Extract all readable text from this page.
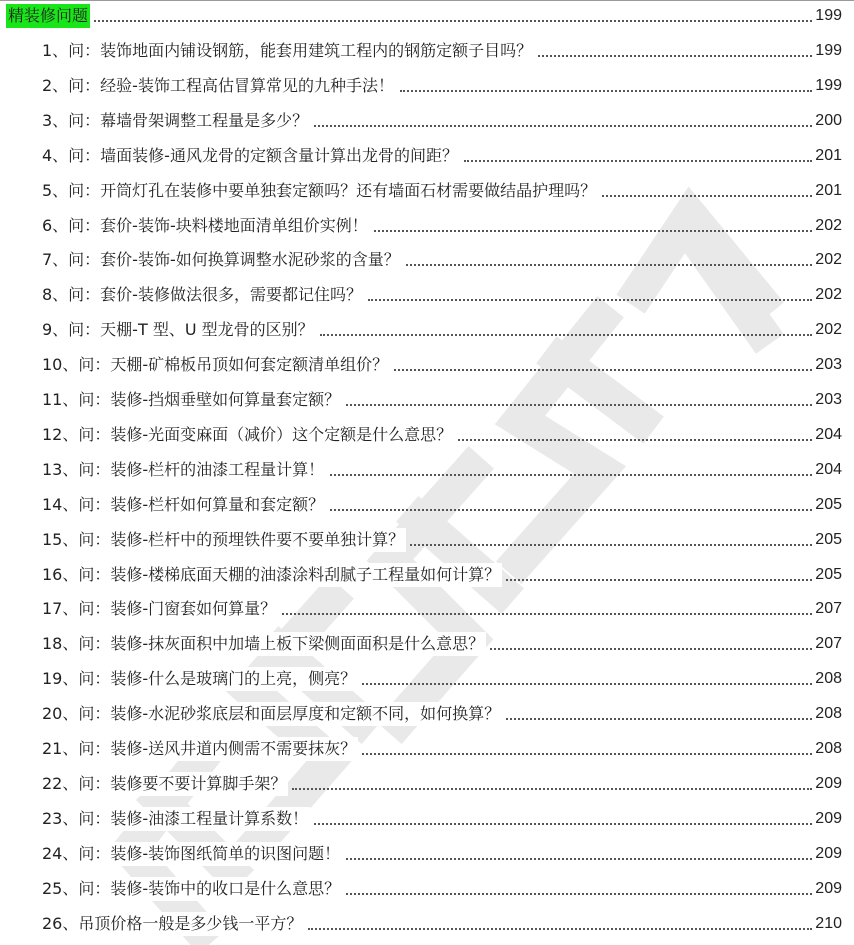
精装修问题	199
1、问：装饰地面内铺设钢筋，能套用建筑工程内的钢筋定额子目吗？	199
2、问：经验-装饰工程高估冒算常见的九种手法！	199
3、问：幕墙骨架调整工程量是多少？	200
4、问：墙面装修-通风龙骨的定额含量计算出龙骨的间距？	201
5、问：开筒灯孔在装修中要单独套定额吗？还有墙面石材需要做结晶护理吗？	201
6、问：套价-装饰-块料楼地面清单组价实例！	202
7、问：套价-装饰-如何换算调整水泥砂浆的含量？	202
8、问：套价-装修做法很多，需要都记住吗？	202
9、问：天棚-T 型、U 型龙骨的区别？	202
10、问：天棚-矿棉板吊顶如何套定额清单组价？	203
11、问：装修-挡烟垂壁如何算量套定额？	203
12、问：装修-光面变麻面（减价）这个定额是什么意思？	204
13、问：装修-栏杆的油漆工程量计算！	204
14、问：装修-栏杆如何算量和套定额？	205
15、问：装修-栏杆中的预埋铁件要不要单独计算？	205
16、问：装修-楼梯底面天棚的油漆涂料刮腻子工程量如何计算？	205
17、问：装修-门窗套如何算量？	207
18、问：装修-抹灰面积中加墙上板下梁侧面面积是什么意思？	207
19、问：装修-什么是玻璃门的上亮，侧亮？	208
20、问：装修-水泥砂浆底层和面层厚度和定额不同，如何换算？	208
21、问：装修-送风井道内侧需不需要抹灰？	208
22、问：装修要不要计算脚手架？	209
23、问：装修-油漆工程量计算系数！	209
24、问：装修-装饰图纸简单的识图问题！	209
25、问：装修-装饰中的收口是什么意思？	209
26、吊顶价格一般是多少钱一平方？	210
